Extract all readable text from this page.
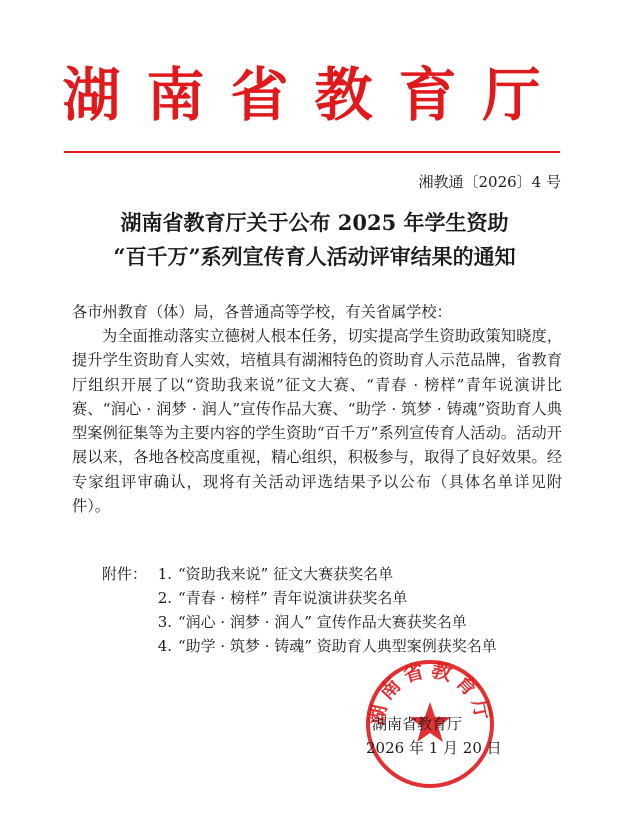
湖南省教育厅
湘教通〔2026〕4 号
湖南省教育厅关于公布 2025 年学生资助
“百千万”系列宣传育人活动评审结果的通知
各市州教育（体）局，各普通高等学校，有关省属学校：
为全面推动落实立德树人根本任务，切实提高学生资助政策知晓度，提升学生资助育人实效，培植具有湖湘特色的资助育人示范品牌，省教育厅组织开展了以“资助我来说”征文大赛、“青春 · 榜样”青年说演讲比赛、“润心 · 润梦 · 润人”宣传作品大赛、“助学 · 筑梦 · 铸魂”资助育人典型案例征集等为主要内容的学生资助“百千万”系列宣传育人活动。活动开展以来，各地各校高度重视，精心组织，积极参与，取得了良好效果。经专家组评审确认，现将有关活动评选结果予以公布（具体名单详见附件）。
附件： 1. “资助我来说” 征文大赛获奖名单
2. “青春 · 榜样” 青年说演讲获奖名单
3. “润心 · 润梦 · 润人” 宣传作品大赛获奖名单
4. “助学 · 筑梦 · 铸魂” 资助育人典型案例获奖名单
湖南省教育厅
湖南省教育厅
2026 年 1 月 20 日
